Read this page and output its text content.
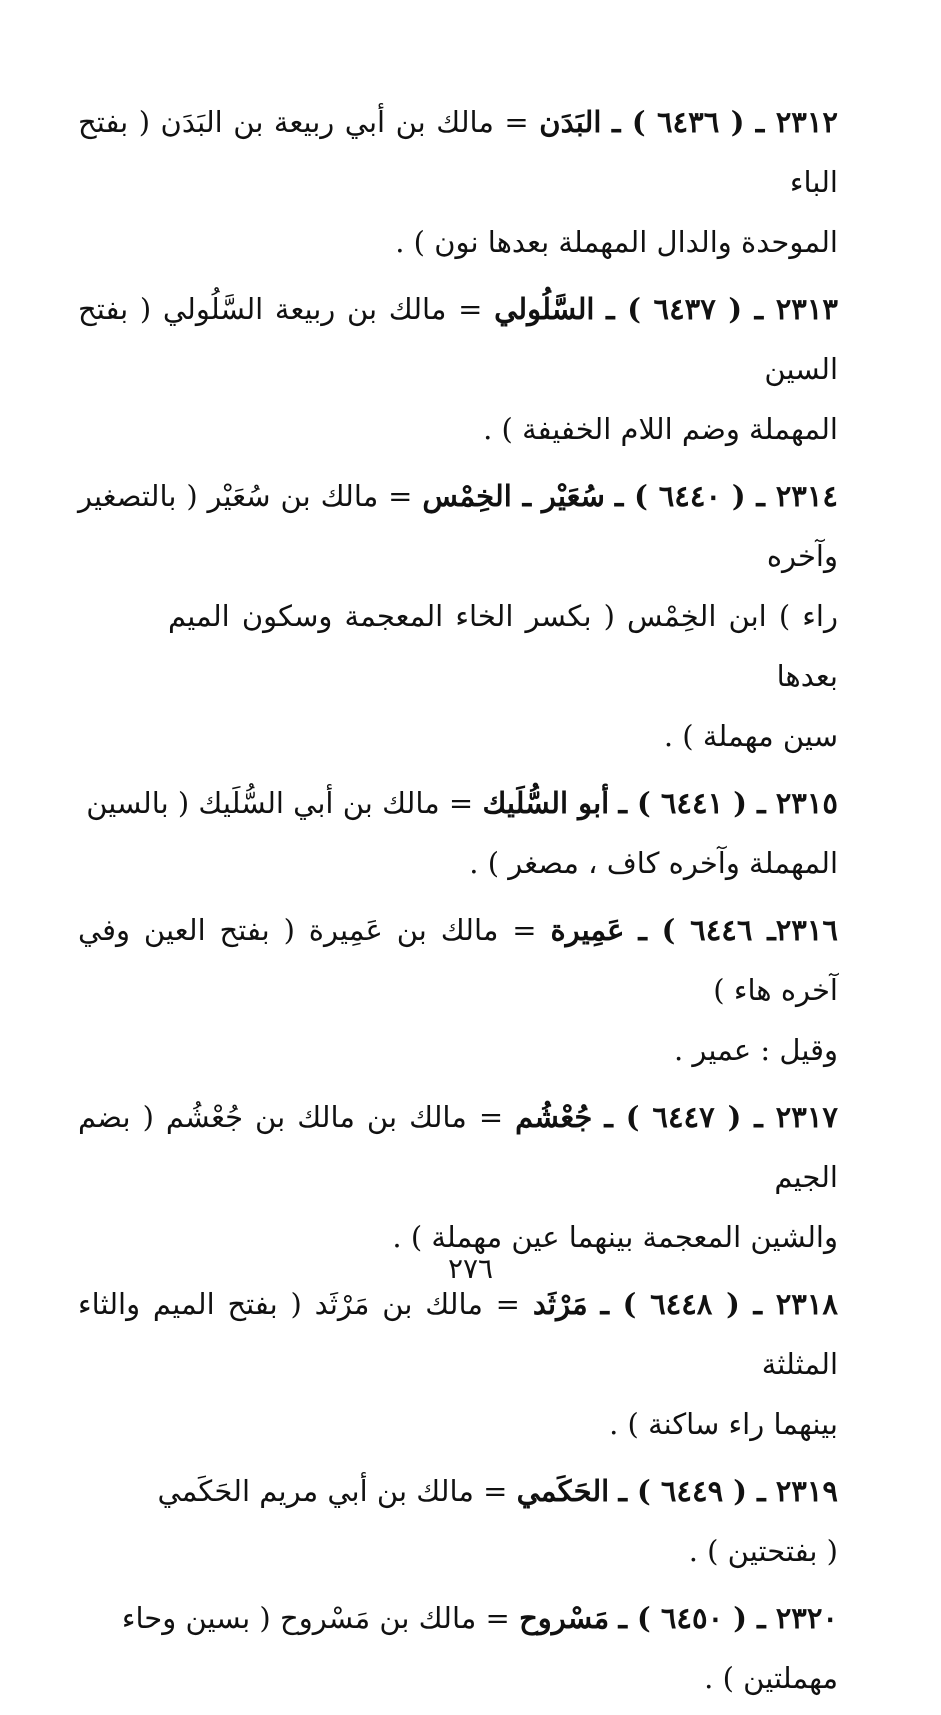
٢٣١٢ ـ ( ٦٤٣٦ ) ـ البَدَن = مالك بن أبي ربيعة بن البَدَن ( بفتح الباء
الموحدة والدال المهملة بعدها نون ) .
٢٣١٣ ـ ( ٦٤٣٧ ) ـ السَّلُولي = مالك بن ربيعة السَّلُولي ( بفتح السين
المهملة وضم اللام الخفيفة ) .
٢٣١٤ ـ ( ٦٤٤٠ ) ـ سُعَيْر ـ الخِمْس = مالك بن سُعَيْر ( بالتصغير وآخره
راء ) ابن الخِمْس ( بكسر الخاء المعجمة وسكون الميم بعدها
سين مهملة ) .
٢٣١٥ ـ ( ٦٤٤١ ) ـ أبو السُّلَيك = مالك بن أبي السُّلَيك ( بالسين
المهملة وآخره كاف ، مصغر ) .
٢٣١٦ـ ٦٤٤٦ ) ـ عَمِيرة = مالك بن عَمِيرة ( بفتح العين وفي آخره هاء )
وقيل : عمير .
٢٣١٧ ـ ( ٦٤٤٧ ) ـ جُعْشُم = مالك بن مالك بن جُعْشُم ( بضم الجيم
والشين المعجمة بينهما عين مهملة ) .
٢٣١٨ ـ ( ٦٤٤٨ ) ـ مَرْثَد = مالك بن مَرْثَد ( بفتح الميم والثاء المثلثة
بينهما راء ساكنة ) .
٢٣١٩ ـ ( ٦٤٤٩ ) ـ الحَكَمي = مالك بن أبي مريم الحَكَمي
( بفتحتين ) .
٢٣٢٠ ـ ( ٦٤٥٠ ) ـ مَسْروح = مالك بن مَسْروح ( بسين وحاء
مهملتين ) .
٢٧٦
